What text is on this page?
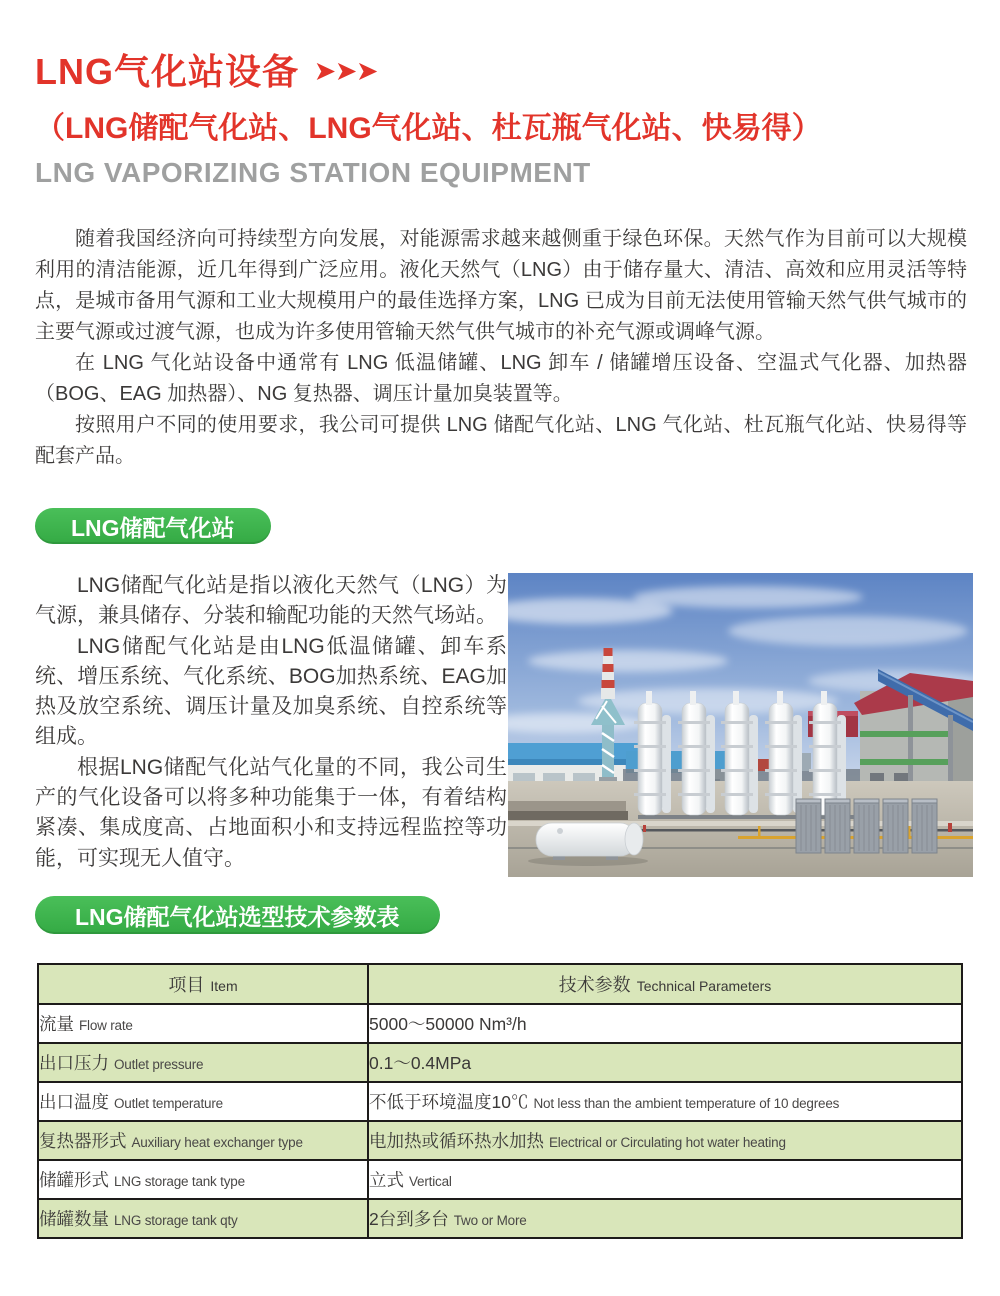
LNG气化站设备 ➤➤➤
（LNG储配气化站、LNG气化站、杜瓦瓶气化站、快易得）
LNG VAPORIZING STATION EQUIPMENT

随着我国经济向可持续型方向发展，对能源需求越来越侧重于绿色环保。天然气作为目前可以大规模利用的清洁能源，近几年得到广泛应用。液化天然气（LNG）由于储存量大、清洁、高效和应用灵活等特点，是城市备用气源和工业大规模用户的最佳选择方案，LNG 已成为目前无法使用管输天然气供气城市的主要气源或过渡气源，也成为许多使用管输天然气供气城市的补充气源或调峰气源。

在 LNG 气化站设备中通常有 LNG 低温储罐、LNG 卸车 / 储罐增压设备、空温式气化器、加热器（BOG、EAG 加热器）、NG 复热器、调压计量加臭装置等。

按照用户不同的使用要求，我公司可提供 LNG 储配气化站、LNG 气化站、杜瓦瓶气化站、快易得等配套产品。

LNG储配气化站

LNG储配气化站是指以液化天然气（LNG）为气源，兼具储存、分装和输配功能的天然气场站。

LNG储配气化站是由LNG低温储罐、卸车系统、增压系统、气化系统、BOG加热系统、EAG加热及放空系统、调压计量及加臭系统、自控系统等组成。

根据LNG储配气化站气化量的不同，我公司生产的气化设备可以将多种功能集于一体，有着结构紧凑、集成度高、占地面积小和支持远程监控等功能，可实现无人值守。

LNG储配气化站选型技术参数表
项目 Item	技术参数 Technical Parameters
流量 Flow rate	5000～50000 Nm³/h
出口压力 Outlet pressure	0.1～0.4MPa
出口温度 Outlet temperature	不低于环境温度10℃ Not less than the ambient temperature of 10 degrees
复热器形式 Auxiliary heat exchanger type	电加热或循环热水加热 Electrical or Circulating hot water heating
储罐形式 LNG storage tank type	立式 Vertical
储罐数量 LNG storage tank qty	2台到多台 Two or More
